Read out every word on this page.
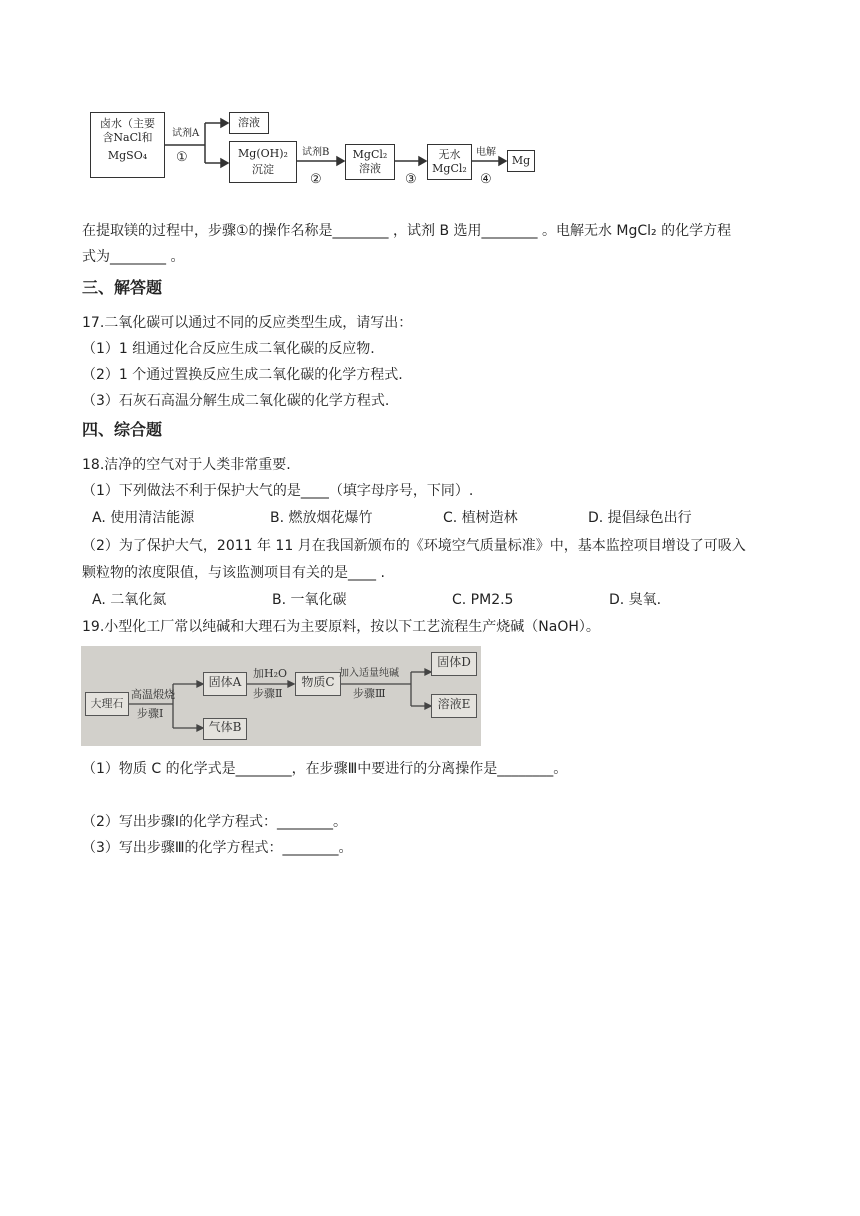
卤水（主要
含NaCl和
MgSO₄
试剂A
①
溶液
Mg(OH)₂
沉淀
试剂B
②
MgCl₂
溶液
③
无水
MgCl₂
电解
④
Mg
在提取镁的过程中，步骤①的操作名称是________ ，试剂 B 选用________ 。电解无水 MgCl₂ 的化学方程
式为________ 。
三、解答题
17.二氧化碳可以通过不同的反应类型生成，请写出：
（1）1 组通过化合反应生成二氧化碳的反应物.
（2）1 个通过置换反应生成二氧化碳的化学方程式.
（3）石灰石高温分解生成二氧化碳的化学方程式.
四、综合题
18.洁净的空气对于人类非常重要.
（1）下列做法不利于保护大气的是____（填字母序号，下同）.
A. 使用清洁能源	B. 燃放烟花爆竹	C. 植树造林	D. 提倡绿色出行
（2）为了保护大气，2011 年 11 月在我国新颁布的《环境空气质量标准》中，基本监控项目增设了可吸入
颗粒物的浓度限值，与该监测项目有关的是____ .
A. 二氧化氮	B. 一氧化碳	C. PM2.5	D. 臭氧.
19.小型化工厂常以纯碱和大理石为主要原料，按以下工艺流程生产烧碱（NaOH）。
大理石
高温煅烧
步骤Ⅰ
固体A
加H₂O
步骤Ⅱ
物质C
加入适量纯碱
步骤Ⅲ
气体B
固体D
溶液E
（1）物质 C 的化学式是________，在步骤Ⅲ中要进行的分离操作是________。
（2）写出步骤Ⅰ的化学方程式：________。
（3）写出步骤Ⅲ的化学方程式：________。
